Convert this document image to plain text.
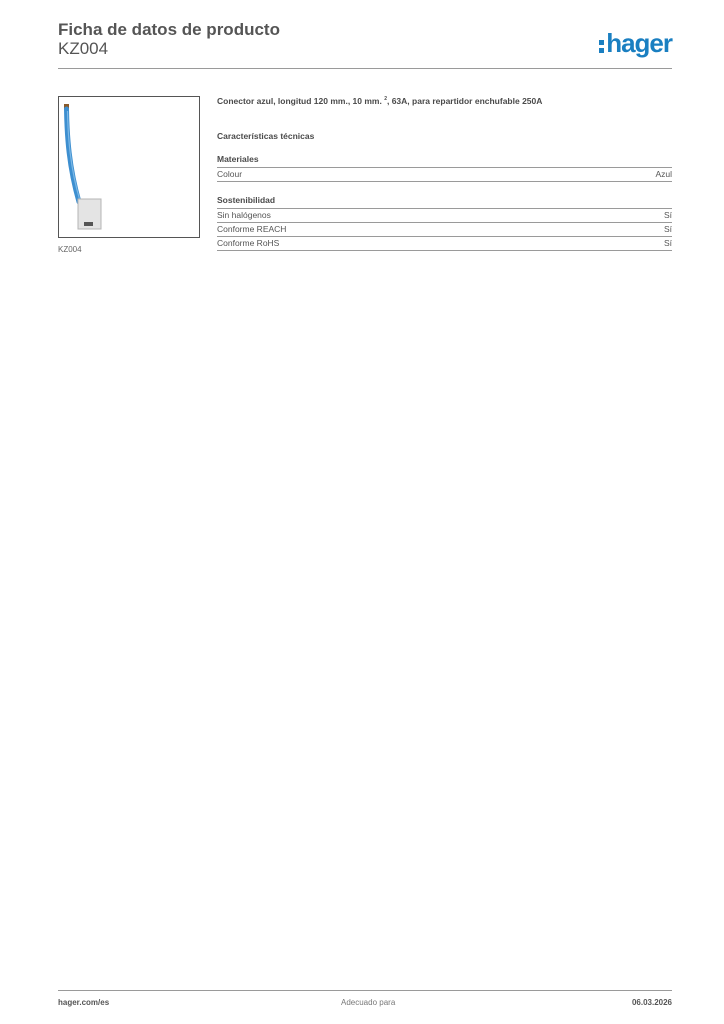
Ficha de datos de producto
KZ004	hager
KZ004

Conector azul, longitud 120 mm., 10 mm. $^2$, 63A, para repartidor enchufable 250A

Características técnicas
Materiales
Colour	Azul
Sostenibilidad
Sin halógenos	Sí
Conforme REACH	Sí
Conforme RoHS	Sí
hager.com/es	Adecuado para	06.03.2026
